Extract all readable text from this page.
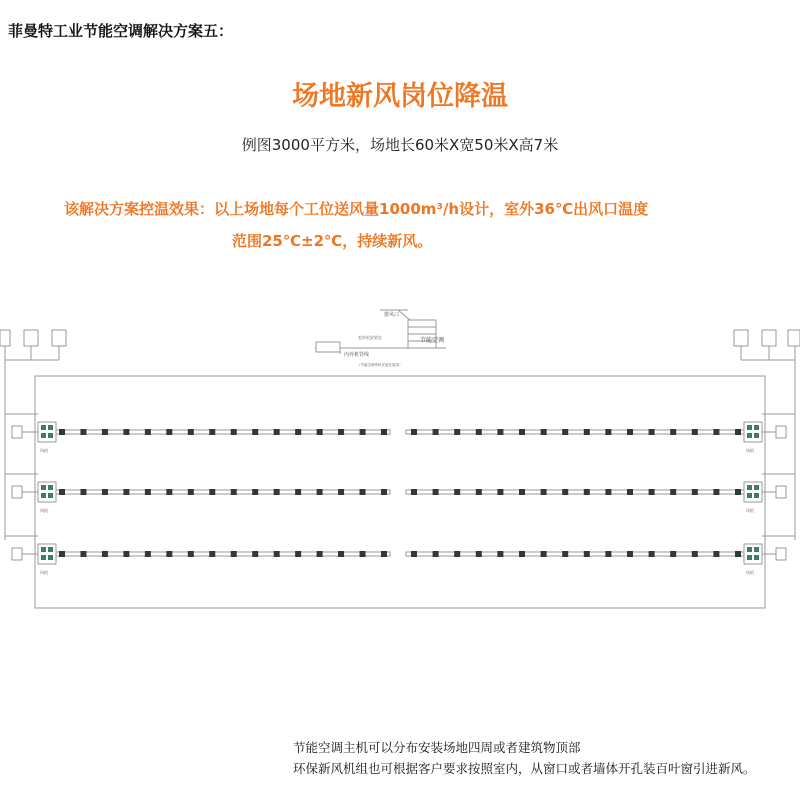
菲曼特工业节能空调解决方案五：
场地新风岗位降温
例图3000平方米，场地长60米X宽50米X高7米
该解决方案控温效果：以上场地每个工位送风量1000m³/h设计，室外36℃出风口温度
范围25℃±2℃，持续新风。
排风口
节能空调
室外机安装在
内外机管线
（节能空调外机安装在屋顶）
风机	风机
风机	风机
风机	风机
节能空调主机可以分布安装场地四周或者建筑物顶部
环保新风机组也可根据客户要求按照室内，从窗口或者墙体开孔装百叶窗引进新风。
